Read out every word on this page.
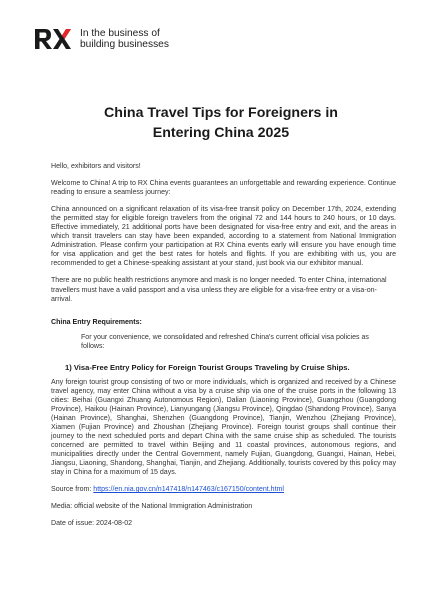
In the business of
building businesses
China Travel Tips for Foreigners in
Entering China 2025

Hello, exhibitors and visitors!

Welcome to China! A trip to RX China events guarantees an unforgettable and rewarding experience. Continue reading to ensure a seamless journey:

China announced on a significant relaxation of its visa-free transit policy on December 17th, 2024, extending the permitted stay for eligible foreign travelers from the original 72 and 144 hours to 240 hours, or 10 days. Effective immediately, 21 additional ports have been designated for visa-free entry and exit, and the areas in which transit travelers can stay have been expanded, according to a statement from National Immigration Administration. Please confirm your participation at RX China events early will ensure you have enough time for visa application and get the best rates for hotels and flights. If you are exhibiting with us, you are recommended to get a Chinese-speaking assistant at your stand, just book via our exhibitor manual.

There are no public health restrictions anymore and mask is no longer needed. To enter China, international travellers must have a valid passport and a visa unless they are eligible for a visa-free entry or a visa-on-arrival.

China Entry Requirements:

For your convenience, we consolidated and refreshed China's current official visa policies as follows:

1) Visa-Free Entry Policy for Foreign Tourist Groups Traveling by Cruise Ships.

Any foreign tourist group consisting of two or more individuals, which is organized and received by a Chinese travel agency, may enter China without a visa by a cruise ship via one of the cruise ports in the following 13 cities: Beihai (Guangxi Zhuang Autonomous Region), Dalian (Liaoning Province), Guangzhou (Guangdong Province), Haikou (Hainan Province), Lianyungang (Jiangsu Province), Qingdao (Shandong Province), Sanya (Hainan Province), Shanghai, Shenzhen (Guangdong Province), Tianjin, Wenzhou (Zhejiang Province), Xiamen (Fujian Province) and Zhoushan (Zhejiang Province). Foreign tourist groups shall continue their journey to the next scheduled ports and depart China with the same cruise ship as scheduled. The tourists concerned are permitted to travel within Beijing and 11 coastal provinces, autonomous regions, and municipalities directly under the Central Government, namely Fujian, Guangdong, Guangxi, Hainan, Hebei, Jiangsu, Liaoning, Shandong, Shanghai, Tianjin, and Zhejiang. Additionally, tourists covered by this policy may stay in China for a maximum of 15 days.

Source from: https://en.nia.gov.cn/n147418/n147463/c167150/content.html

Media: official website of the National Immigration Administration

Date of issue: 2024-08-02
